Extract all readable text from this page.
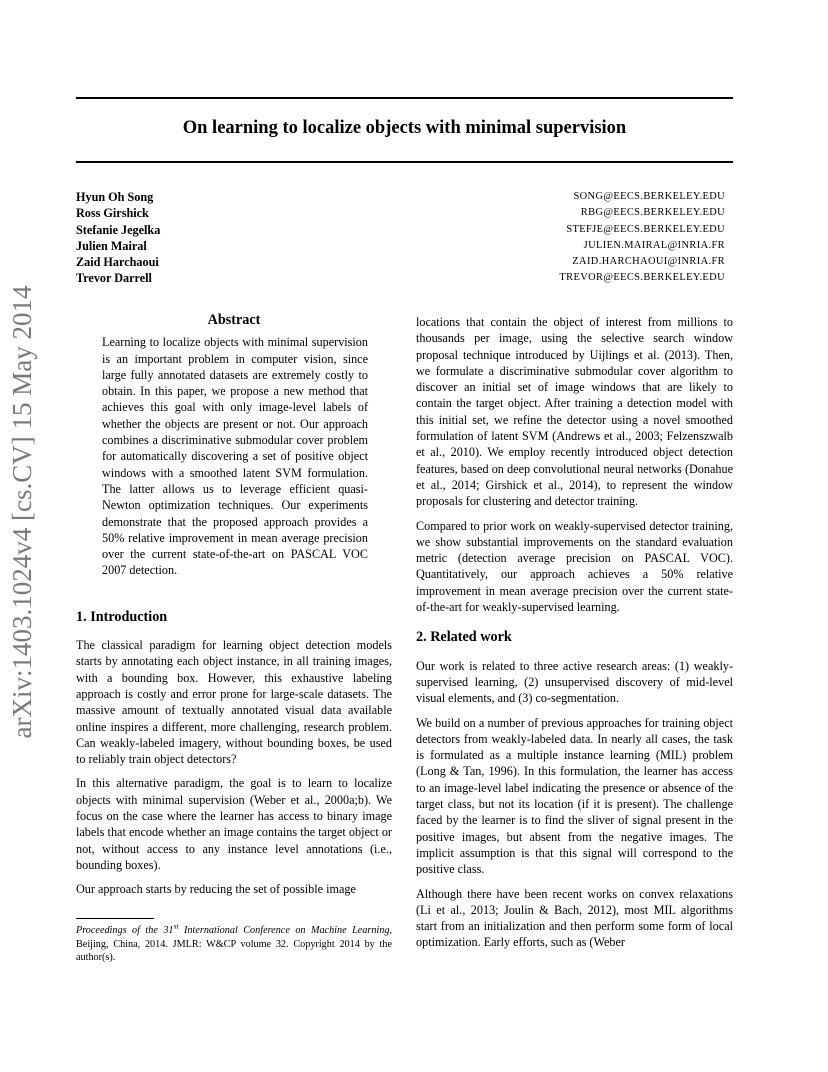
arXiv:1403.1024v4 [cs.CV] 15 May 2014
On learning to localize objects with minimal supervision
Hyun Oh Song	SONG@EECS.BERKELEY.EDU
Ross Girshick	RBG@EECS.BERKELEY.EDU
Stefanie Jegelka	STEFJE@EECS.BERKELEY.EDU
Julien Mairal	JULIEN.MAIRAL@INRIA.FR
Zaid Harchaoui	ZAID.HARCHAOUI@INRIA.FR
Trevor Darrell	TREVOR@EECS.BERKELEY.EDU
Abstract
Learning to localize objects with minimal supervision is an important problem in computer vision, since large fully annotated datasets are extremely costly to obtain. In this paper, we propose a new method that achieves this goal with only image-level labels of whether the objects are present or not. Our approach combines a discriminative submodular cover problem for automatically discovering a set of positive object windows with a smoothed latent SVM formulation. The latter allows us to leverage efficient quasi-Newton optimization techniques. Our experiments demonstrate that the proposed approach provides a 50% relative improvement in mean average precision over the current state-of-the-art on PASCAL VOC 2007 detection.
1. Introduction

The classical paradigm for learning object detection models starts by annotating each object instance, in all training images, with a bounding box. However, this exhaustive labeling approach is costly and error prone for large-scale datasets. The massive amount of textually annotated visual data available online inspires a different, more challenging, research problem. Can weakly-labeled imagery, without bounding boxes, be used to reliably train object detectors?

In this alternative paradigm, the goal is to learn to localize objects with minimal supervision (Weber et al., 2000a;b). We focus on the case where the learner has access to binary image labels that encode whether an image contains the target object or not, without access to any instance level annotations (i.e., bounding boxes).

Our approach starts by reducing the set of possible image

Proceedings of the 31st International Conference on Machine Learning, Beijing, China, 2014. JMLR: W&CP volume 32. Copyright 2014 by the author(s).

locations that contain the object of interest from millions to thousands per image, using the selective search window proposal technique introduced by Uijlings et al. (2013). Then, we formulate a discriminative submodular cover algorithm to discover an initial set of image windows that are likely to contain the target object. After training a detection model with this initial set, we refine the detector using a novel smoothed formulation of latent SVM (Andrews et al., 2003; Felzenszwalb et al., 2010). We employ recently introduced object detection features, based on deep convolutional neural networks (Donahue et al., 2014; Girshick et al., 2014), to represent the window proposals for clustering and detector training.

Compared to prior work on weakly-supervised detector training, we show substantial improvements on the standard evaluation metric (detection average precision on PASCAL VOC). Quantitatively, our approach achieves a 50% relative improvement in mean average precision over the current state-of-the-art for weakly-supervised learning.

2. Related work

Our work is related to three active research areas: (1) weakly-supervised learning, (2) unsupervised discovery of mid-level visual elements, and (3) co-segmentation.

We build on a number of previous approaches for training object detectors from weakly-labeled data. In nearly all cases, the task is formulated as a multiple instance learning (MIL) problem (Long & Tan, 1996). In this formulation, the learner has access to an image-level label indicating the presence or absence of the target class, but not its location (if it is present). The challenge faced by the learner is to find the sliver of signal present in the positive images, but absent from the negative images. The implicit assumption is that this signal will correspond to the positive class.

Although there have been recent works on convex relaxations (Li et al., 2013; Joulin & Bach, 2012), most MIL algorithms start from an initialization and then perform some form of local optimization. Early efforts, such as (Weber
